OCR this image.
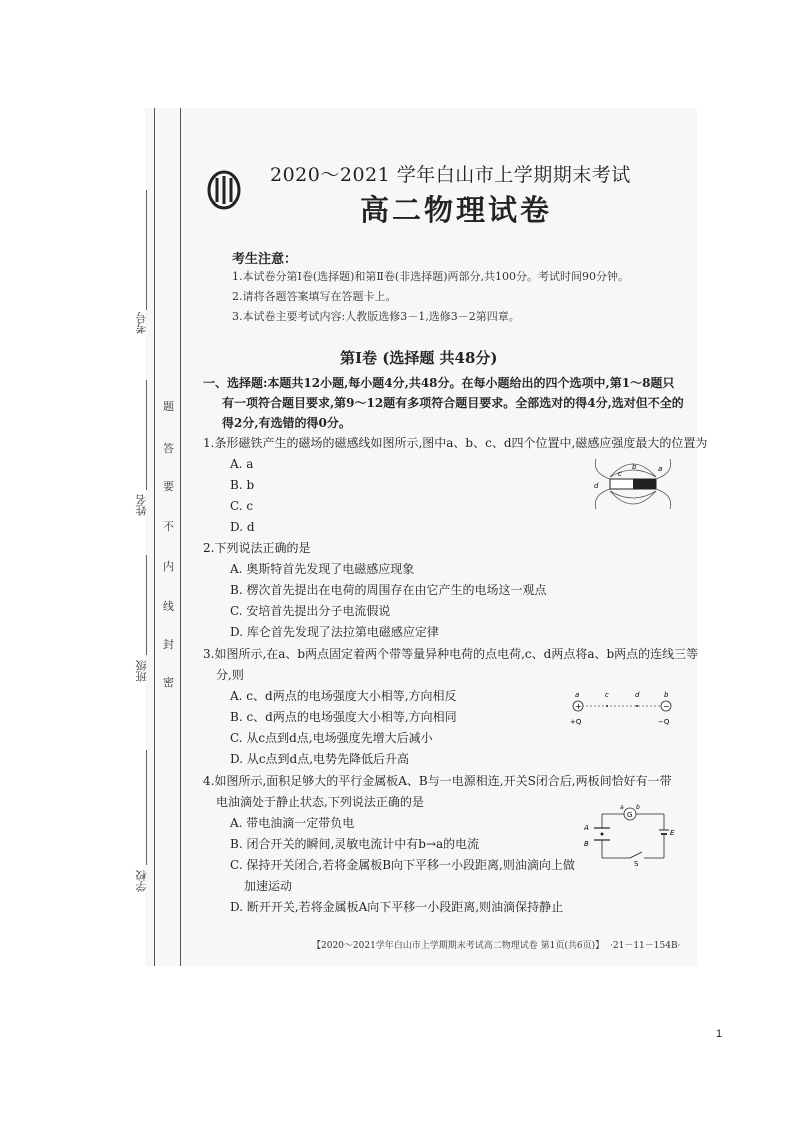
考号
姓名
班级
学校
题
答
要
不
内
线
封
密
2020～2021 学年白山市上学期期末考试
高二物理试卷
考生注意：
1.本试卷分第Ⅰ卷(选择题)和第Ⅱ卷(非选择题)两部分,共100分。考试时间90分钟。
2.请将各题答案填写在答题卡上。
3.本试卷主要考试内容:人教版选修3－1,选修3－2第四章。
第Ⅰ卷 (选择题 共48分)
一、选择题:本题共12小题,每小题4分,共48分。在每小题给出的四个选项中,第1～8题只
有一项符合题目要求,第9～12题有多项符合题目要求。全部选对的得4分,选对但不全的
得2分,有选错的得0分。
1.条形磁铁产生的磁场的磁感线如图所示,图中a、b、c、d四个位置中,磁感应强度最大的位置为
A. a
B. b
C. c
D. d
a
b
c
d
2.下列说法正确的是
A. 奥斯特首先发现了电磁感应现象
B. 楞次首先提出在电荷的周围存在由它产生的电场这一观点
C. 安培首先提出分子电流假说
D. 库仑首先发现了法拉第电磁感应定律
3.如图所示,在a、b两点固定着两个带等量异种电荷的点电荷,c、d两点将a、b两点的连线三等
分,则
A. c、d两点的电场强度大小相等,方向相反
B. c、d两点的电场强度大小相等,方向相同
C. 从c点到d点,电场强度先增大后减小
D. 从c点到d点,电势先降低后升高
+	−
a	c	d	b
+Q	−Q
4.如图所示,面积足够大的平行金属板A、B与一电源相连,开关S闭合后,两板间恰好有一带
电油滴处于静止状态,下列说法正确的是
A. 带电油滴一定带负电
B. 闭合开关的瞬间,灵敏电流计中有b→a的电流
C. 保持开关闭合,若将金属板B向下平移一小段距离,则油滴向上做
加速运动
D. 断开开关,若将金属板A向下平移一小段距离,则油滴保持静止
G
A
B
E
S
a b
【2020～2021学年白山市上学期期末考试高二物理试卷 第1页(共6页)】 ·21－11－154B·
1
